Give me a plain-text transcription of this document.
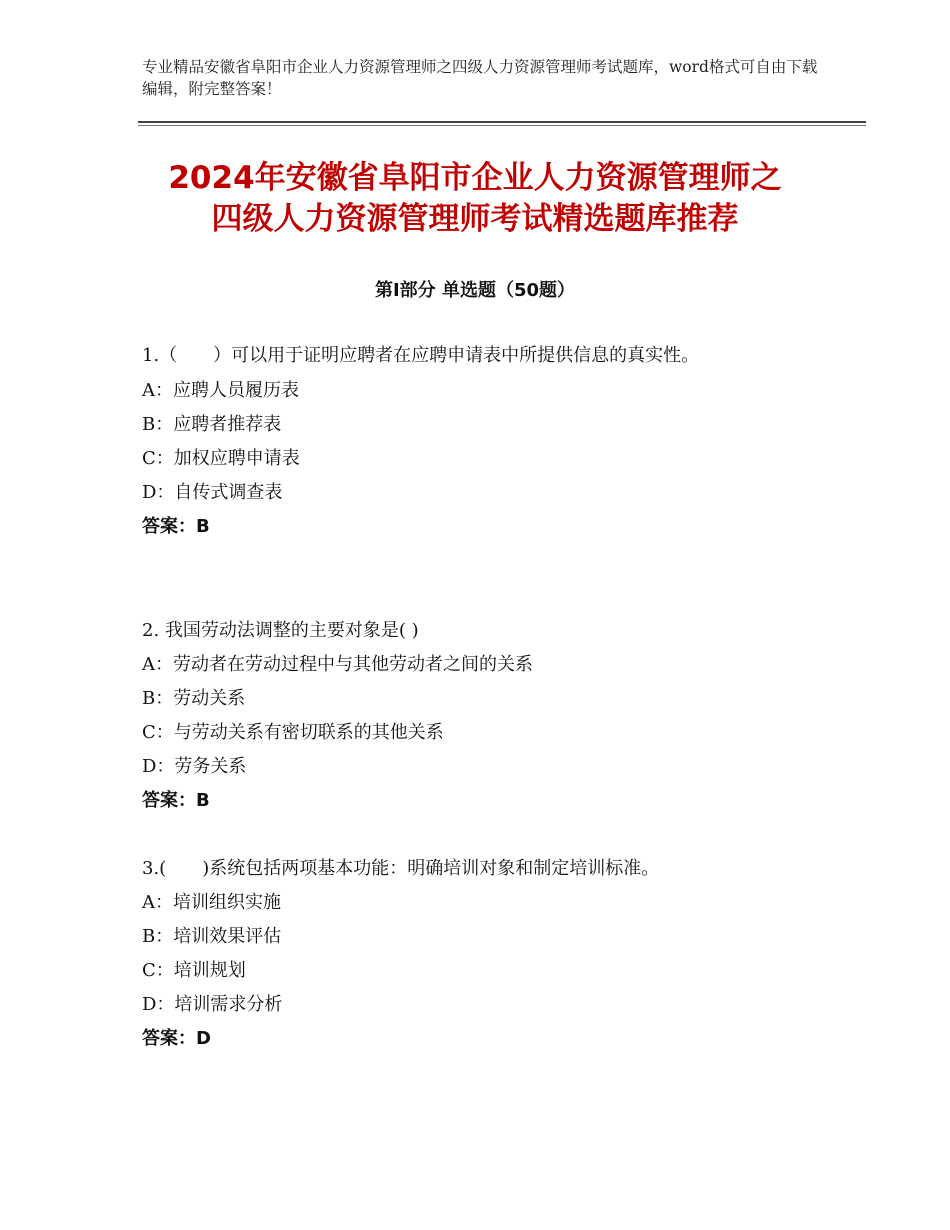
专业精品安徽省阜阳市企业人力资源管理师之四级人力资源管理师考试题库，word格式可自由下载编辑，附完整答案！
2024年安徽省阜阳市企业人力资源管理师之
四级人力资源管理师考试精选题库推荐
第Ⅰ部分 单选题（50题）
1.（　　）可以用于证明应聘者在应聘申请表中所提供信息的真实性。
A：应聘人员履历表
B：应聘者推荐表
C：加权应聘申请表
D：自传式调查表
答案：B
2. 我国劳动法调整的主要对象是( )
A：劳动者在劳动过程中与其他劳动者之间的关系
B：劳动关系
C：与劳动关系有密切联系的其他关系
D：劳务关系
答案：B
3.(　　)系统包括两项基本功能：明确培训对象和制定培训标准。
A：培训组织实施
B：培训效果评估
C：培训规划
D：培训需求分析
答案：D
